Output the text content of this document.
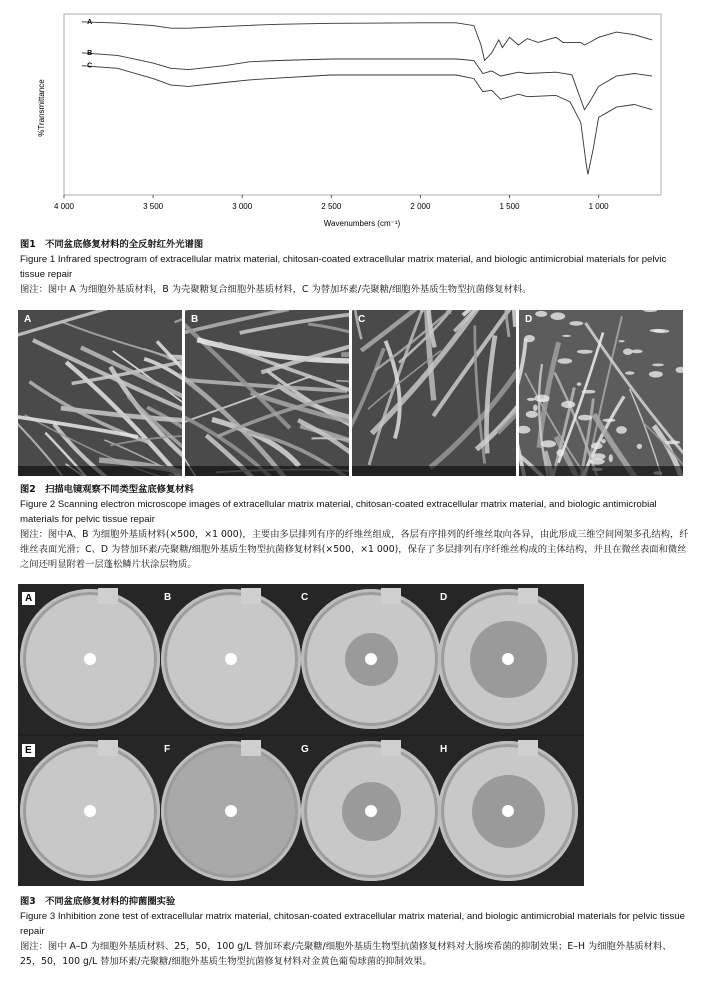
A
B
C
4 000	3 500	3 000	2 500	2 000	1 500	1 000
%Transmittance
Wavenumbers (cm⁻¹)
图1　不同盆底修复材料的全反射红外光谱图
Figure 1 Infrared spectrogram of extracellular matrix material, chitosan-coated extracellular matrix material, and biologic antimicrobial materials for pelvic tissue repair
图注：图中 A 为细胞外基质材料，B 为壳聚糖复合细胞外基质材料，C 为替加环素/壳聚糖/细胞外基质生物型抗菌修复材料。
A	B	C	D
图2　扫描电镜观察不同类型盆底修复材料
Figure 2 Scanning electron microscope images of extracellular matrix material, chitosan-coated extracellular matrix material, and biologic antimicrobial materials for pelvic tissue repair
图注：图中A、B 为细胞外基质材料(×500，×1 000)，主要由多层排列有序的纤维丝组成，各层有序排列的纤维丝取向各异，由此形成三维空间网架多孔结构，纤维丝表面光滑；C、D 为替加环素/壳聚糖/细胞外基质生物型抗菌修复材料(×500，×1 000)，保存了多层排列有序纤维丝构成的主体结构，并且在微丝表面和微丝之间还明显附着一层蓬松鳞片状涂层物质。
A	B	C	D
E	F	G	H
图3　不同盆底修复材料的抑菌圈实验
Figure 3 Inhibition zone test of extracellular matrix material, chitosan-coated extracellular matrix material, and biologic antimicrobial materials for pelvic tissue repair
图注：图中 A–D 为细胞外基质材料、25，50，100 g/L 替加环素/壳聚糖/细胞外基质生物型抗菌修复材料对大肠埃希菌的抑制效果；E–H 为细胞外基质材料、25，50，100 g/L 替加环素/壳聚糖/细胞外基质生物型抗菌修复材料对金黄色葡萄球菌的抑制效果。
